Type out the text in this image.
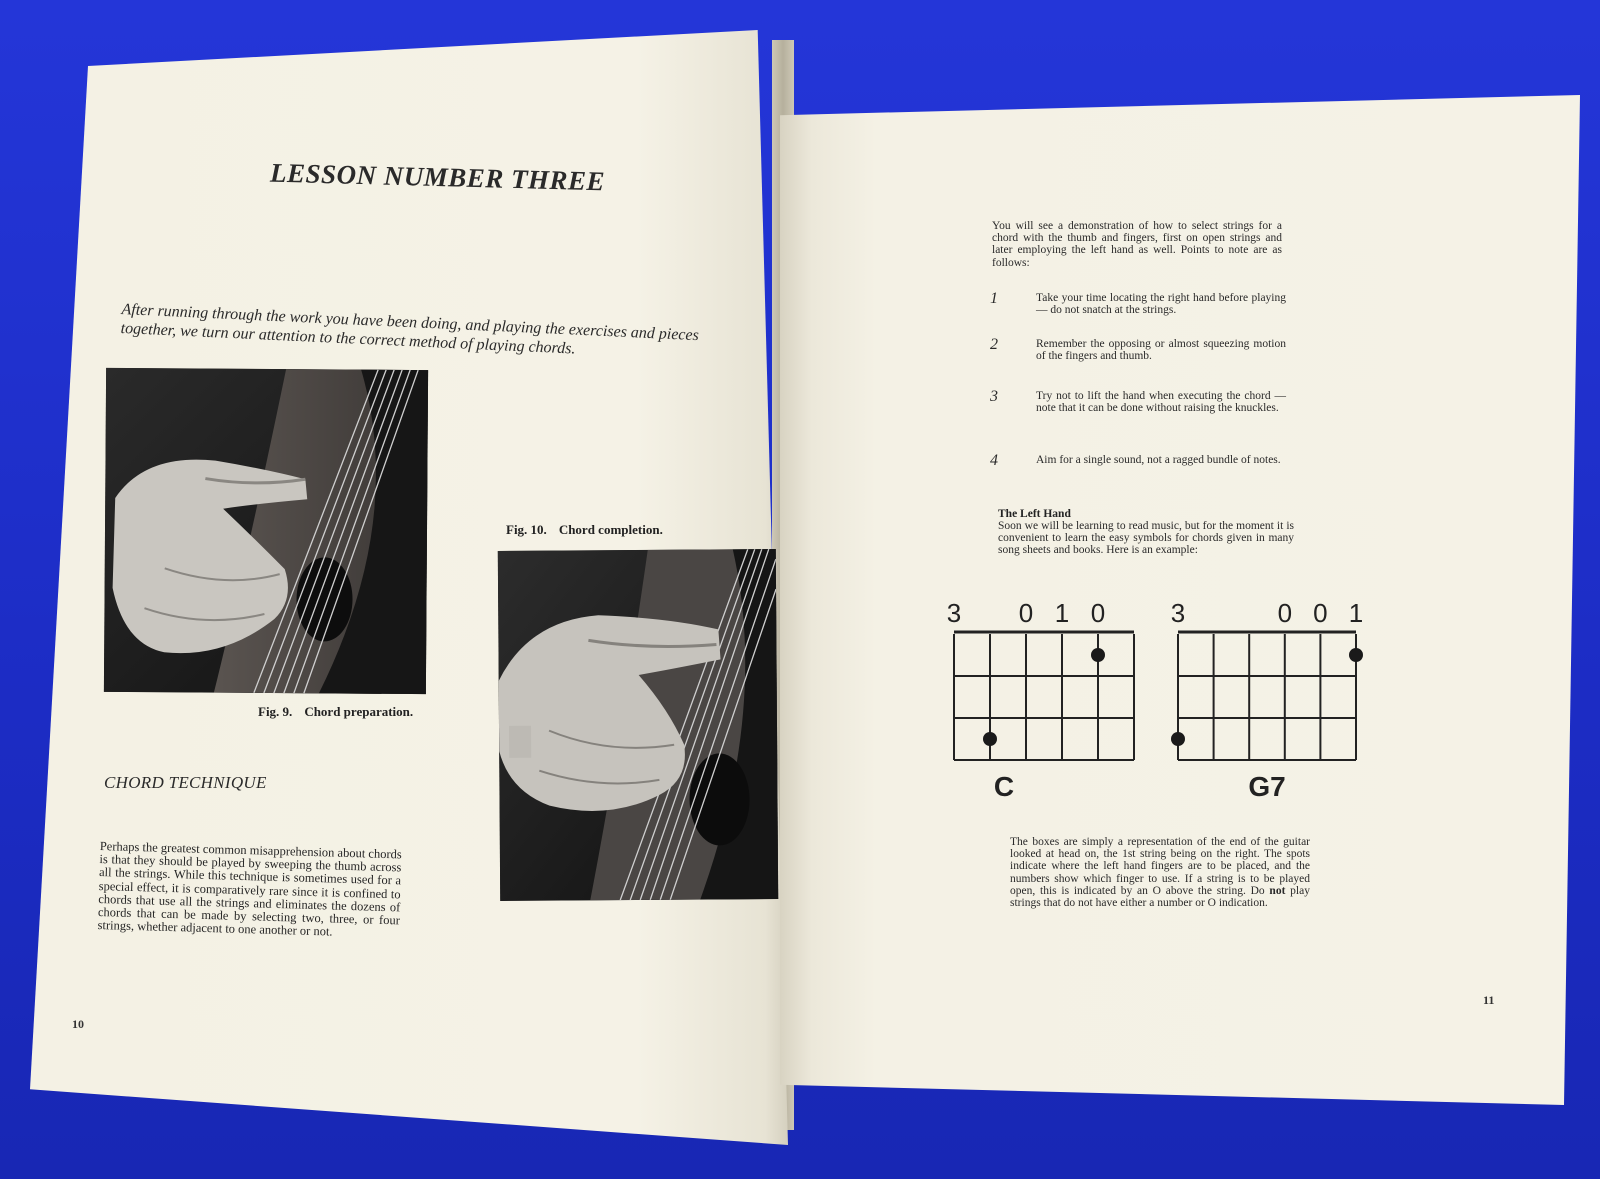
LESSON NUMBER THREE
After running through the work you have been doing, and playing the exercises and pieces together, we turn our attention to the correct method of playing chords.
Fig. 9. Chord preparation.
Fig. 10. Chord completion.
CHORD TECHNIQUE
Perhaps the greatest common misapprehension about chords is that they should be played by sweeping the thumb across all the strings. While this technique is sometimes used for a special effect, it is comparatively rare since it is confined to chords that use all the strings and eliminates the dozens of chords that can be made by selecting two, three, or four strings, whether adjacent to one another or not.
10
You will see a demonstration of how to select strings for a chord with the thumb and fingers, first on open strings and later employing the left hand as well. Points to note are as follows:
1	Take your time locating the right hand before playing — do not snatch at the strings.
2	Remember the opposing or almost squeezing motion of the fingers and thumb.
3	Try not to lift the hand when executing the chord — note that it can be done without raising the knuckles.
4	Aim for a single sound, not a ragged bundle of notes.
The Left Hand
Soon we will be learning to read music, but for the moment it is convenient to learn the easy symbols for chords given in many song sheets and books. Here is an example:
3 0 1 0
C
3	0 0 1
G7
The boxes are simply a representation of the end of the guitar looked at head on, the 1st string being on the right. The spots indicate where the left hand fingers are to be placed, and the numbers show which finger to use. If a string is to be played open, this is indicated by an O above the string. Do not play strings that do not have either a number or O indication.
11
